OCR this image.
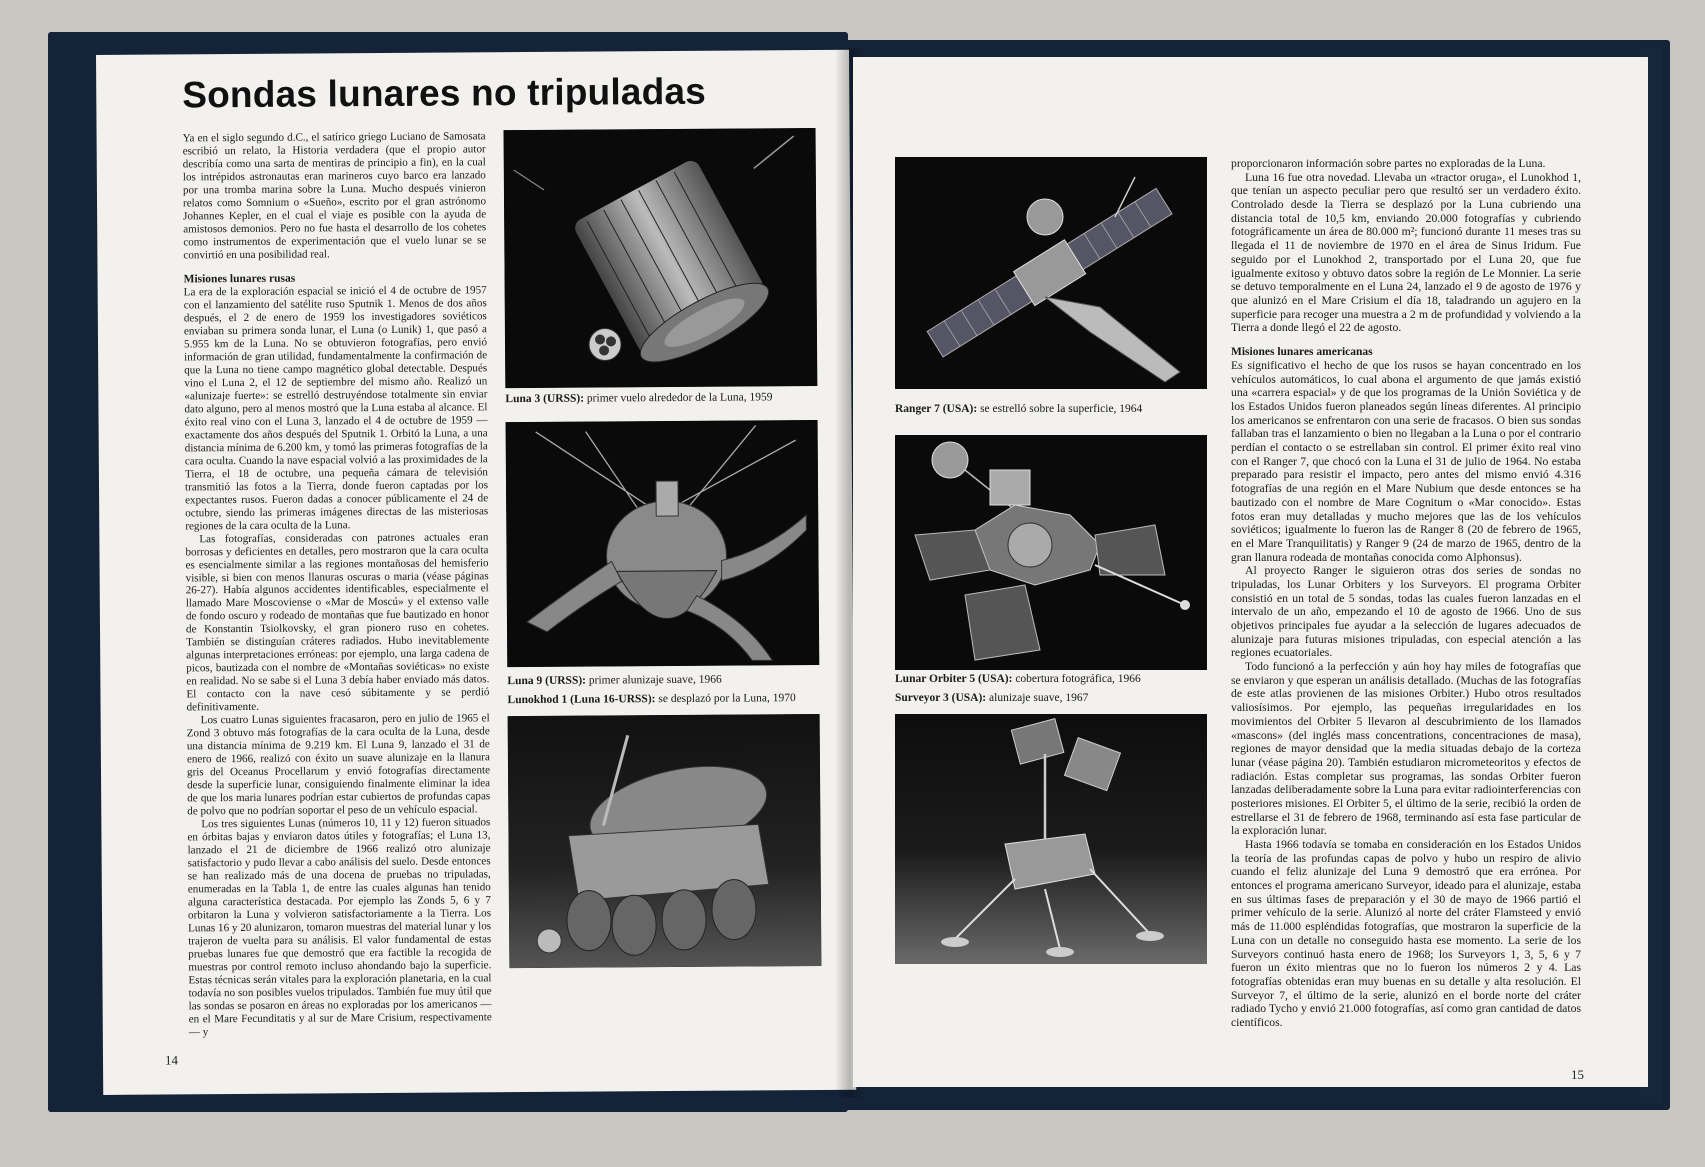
Sondas lunares no tripuladas

Ya en el siglo segundo d.C., el satírico griego Luciano de Samosata escribió un relato, la Historia verdadera (que el propio autor describía como una sarta de mentiras de principio a fin), en la cual los intrépidos astronautas eran marineros cuyo barco era lanzado por una tromba marina sobre la Luna. Mucho después vinieron relatos como Somnium o «Sueño», escrito por el gran astrónomo Johannes Kepler, en el cual el viaje es posible con la ayuda de amistosos demonios. Pero no fue hasta el desarrollo de los cohetes como instrumentos de experimentación que el vuelo lunar se se convirtió en una posibilidad real.

Misiones lunares rusas

La era de la exploración espacial se inició el 4 de octubre de 1957 con el lanzamiento del satélite ruso Sputnik 1. Menos de dos años después, el 2 de enero de 1959 los investigadores soviéticos enviaban su primera sonda lunar, el Luna (o Lunik) 1, que pasó a 5.955 km de la Luna. No se obtuvieron fotografías, pero envió información de gran utilidad, fundamentalmente la confirmación de que la Luna no tiene campo magnético global detectable. Después vino el Luna 2, el 12 de septiembre del mismo año. Realizó un «alunizaje fuerte»: se estrelló destruyéndose totalmente sin enviar dato alguno, pero al menos mostró que la Luna estaba al alcance. El éxito real vino con el Luna 3, lanzado el 4 de octubre de 1959 —exactamente dos años después del Sputnik 1. Orbitó la Luna, a una distancia mínima de 6.200 km, y tomó las primeras fotografías de la cara oculta. Cuando la nave espacial volvió a las proximidades de la Tierra, el 18 de octubre, una pequeña cámara de televisión transmitió las fotos a la Tierra, donde fueron captadas por los expectantes rusos. Fueron dadas a conocer públicamente el 24 de octubre, siendo las primeras imágenes directas de las misteriosas regiones de la cara oculta de la Luna.

Las fotografías, consideradas con patrones actuales eran borrosas y deficientes en detalles, pero mostraron que la cara oculta es esencialmente similar a las regiones montañosas del hemisferio visible, si bien con menos llanuras oscuras o maria (véase páginas 26-27). Había algunos accidentes identificables, especialmente el llamado Mare Moscoviense o «Mar de Moscú» y el extenso valle de fondo oscuro y rodeado de montañas que fue bautizado en honor de Konstantin Tsiolkovsky, el gran pionero ruso en cohetes. También se distinguían cráteres radiados. Hubo inevitablemente algunas interpretaciones erróneas: por ejemplo, una larga cadena de picos, bautizada con el nombre de «Montañas soviéticas» no existe en realidad. No se sabe si el Luna 3 debía haber enviado más datos. El contacto con la nave cesó súbitamente y se perdió definitivamente.

Los cuatro Lunas siguientes fracasaron, pero en julio de 1965 el Zond 3 obtuvo más fotografías de la cara oculta de la Luna, desde una distancia mínima de 9.219 km. El Luna 9, lanzado el 31 de enero de 1966, realizó con éxito un suave alunizaje en la llanura gris del Oceanus Procellarum y envió fotografías directamente desde la superficie lunar, consiguiendo finalmente eliminar la idea de que los maria lunares podrían estar cubiertos de profundas capas de polvo que no podrían soportar el peso de un vehículo espacial.

Los tres siguientes Lunas (números 10, 11 y 12) fueron situados en órbitas bajas y enviaron datos útiles y fotografías; el Luna 13, lanzado el 21 de diciembre de 1966 realizó otro alunizaje satisfactorio y pudo llevar a cabo análisis del suelo. Desde entonces se han realizado más de una docena de pruebas no tripuladas, enumeradas en la Tabla 1, de entre las cuales algunas han tenido alguna característica destacada. Por ejemplo las Zonds 5, 6 y 7 orbitaron la Luna y volvieron satisfactoriamente a la Tierra. Los Lunas 16 y 20 alunizaron, tomaron muestras del material lunar y los trajeron de vuelta para su análisis. El valor fundamental de estas pruebas lunares fue que demostró que era factible la recogida de muestras por control remoto incluso ahondando bajo la superficie. Estas técnicas serán vitales para la exploración planetaria, en la cual todavía no son posibles vuelos tripulados. También fue muy útil que las sondas se posaron en áreas no exploradas por los americanos —en el Mare Fecunditatis y al sur de Mare Crisium, respectivamente— y

Luna 3 (URSS): primer vuelo alrededor de la Luna, 1959
Luna 9 (URSS): primer alunizaje suave, 1966
Lunokhod 1 (Luna 16-URSS): se desplazó por la Luna, 1970
14
Ranger 7 (USA): se estrelló sobre la superficie, 1964
Lunar Orbiter 5 (USA): cobertura fotográfica, 1966
Surveyor 3 (USA): alunizaje suave, 1967

proporcionaron información sobre partes no exploradas de la Luna.

Luna 16 fue otra novedad. Llevaba un «tractor oruga», el Lunokhod 1, que tenían un aspecto peculiar pero que resultó ser un verdadero éxito. Controlado desde la Tierra se desplazó por la Luna cubriendo una distancia total de 10,5 km, enviando 20.000 fotografías y cubriendo fotográficamente un área de 80.000 m²; funcionó durante 11 meses tras su llegada el 11 de noviembre de 1970 en el área de Sinus Iridum. Fue seguido por el Lunokhod 2, transportado por el Luna 20, que fue igualmente exitoso y obtuvo datos sobre la región de Le Monnier. La serie se detuvo temporalmente en el Luna 24, lanzado el 9 de agosto de 1976 y que alunizó en el Mare Crisium el día 18, taladrando un agujero en la superficie para recoger una muestra a 2 m de profundidad y volviendo a la Tierra a donde llegó el 22 de agosto.

Misiones lunares americanas

Es significativo el hecho de que los rusos se hayan concentrado en los vehículos automáticos, lo cual abona el argumento de que jamás existió una «carrera espacial» y de que los programas de la Unión Soviética y de los Estados Unidos fueron planeados según líneas diferentes. Al principio los americanos se enfrentaron con una serie de fracasos. O bien sus sondas fallaban tras el lanzamiento o bien no llegaban a la Luna o por el contrario perdían el contacto o se estrellaban sin control. El primer éxito real vino con el Ranger 7, que chocó con la Luna el 31 de julio de 1964. No estaba preparado para resistir el impacto, pero antes del mismo envió 4.316 fotografías de una región en el Mare Nubium que desde entonces se ha bautizado con el nombre de Mare Cognitum o «Mar conocido». Estas fotos eran muy detalladas y mucho mejores que las de los vehículos soviéticos; igualmente lo fueron las de Ranger 8 (20 de febrero de 1965, en el Mare Tranquilitatis) y Ranger 9 (24 de marzo de 1965, dentro de la gran llanura rodeada de montañas conocida como Alphonsus).

Al proyecto Ranger le siguieron otras dos series de sondas no tripuladas, los Lunar Orbiters y los Surveyors. El programa Orbiter consistió en un total de 5 sondas, todas las cuales fueron lanzadas en el intervalo de un año, empezando el 10 de agosto de 1966. Uno de sus objetivos principales fue ayudar a la selección de lugares adecuados de alunizaje para futuras misiones tripuladas, con especial atención a las regiones ecuatoriales.

Todo funcionó a la perfección y aún hoy hay miles de fotografías que se enviaron y que esperan un análisis detallado. (Muchas de las fotografías de este atlas provienen de las misiones Orbiter.) Hubo otros resultados valiosísimos. Por ejemplo, las pequeñas irregularidades en los movimientos del Orbiter 5 llevaron al descubrimiento de los llamados «mascons» (del inglés mass concentrations, concentraciones de masa), regiones de mayor densidad que la media situadas debajo de la corteza lunar (véase página 20). También estudiaron micrometeoritos y efectos de radiación. Estas completar sus programas, las sondas Orbiter fueron lanzadas deliberadamente sobre la Luna para evitar radiointerferencias con posteriores misiones. El Orbiter 5, el último de la serie, recibió la orden de estrellarse el 31 de febrero de 1968, terminando así esta fase particular de la exploración lunar.

Hasta 1966 todavía se tomaba en consideración en los Estados Unidos la teoría de las profundas capas de polvo y hubo un respiro de alivio cuando el feliz alunizaje del Luna 9 demostró que era errónea. Por entonces el programa americano Surveyor, ideado para el alunizaje, estaba en sus últimas fases de preparación y el 30 de mayo de 1966 partió el primer vehículo de la serie. Alunizó al norte del cráter Flamsteed y envió más de 11.000 espléndidas fotografías, que mostraron la superficie de la Luna con un detalle no conseguido hasta ese momento. La serie de los Surveyors continuó hasta enero de 1968; los Surveyors 1, 3, 5, 6 y 7 fueron un éxito mientras que no lo fueron los números 2 y 4. Las fotografías obtenidas eran muy buenas en su detalle y alta resolución. El Surveyor 7, el último de la serie, alunizó en el borde norte del cráter radiado Tycho y envió 21.000 fotografías, así como gran cantidad de datos científicos.

15
